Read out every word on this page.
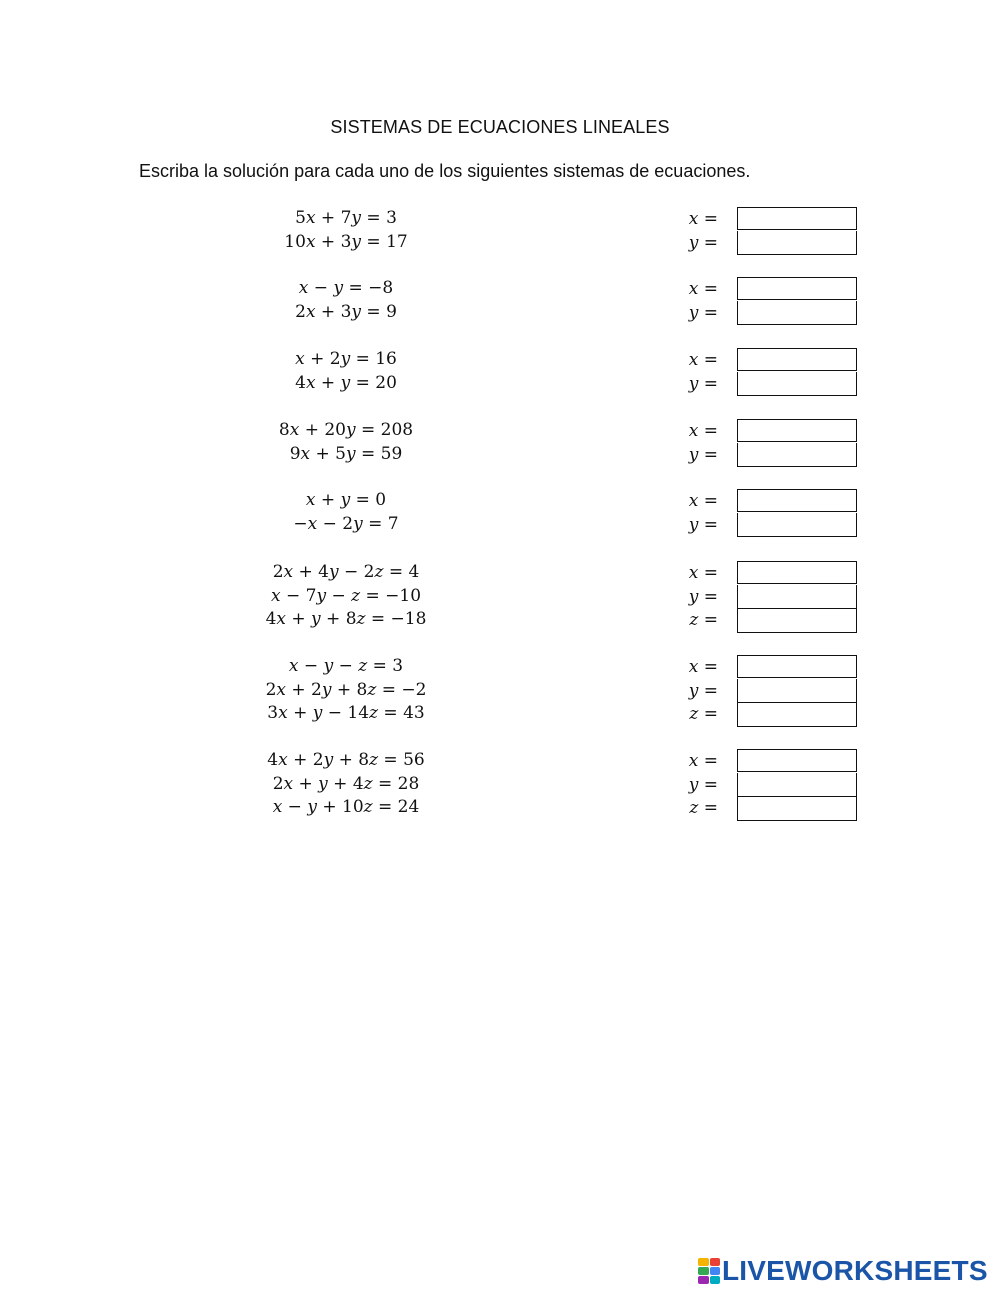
SISTEMAS DE ECUACIONES LINEALES
Escriba la solución para cada uno de los siguientes sistemas de ecuaciones.
5x + 7y = 3
10x + 3y = 17
x =
y =
x − y = −8
2x + 3y = 9
x =
y =
x + 2y = 16
4x + y = 20
x =
y =
8x + 20y = 208
9x + 5y = 59
x =
y =
x + y = 0
−x − 2y = 7
x =
y =
2x + 4y − 2z = 4
x − 7y − z = −10
4x + y + 8z = −18
x =
y =
z =
x − y − z = 3
2x + 2y + 8z = −2
3x + y − 14z = 43
x =
y =
z =
4x + 2y + 8z = 56
2x + y + 4z = 28
x − y + 10z = 24
x =
y =
z =
LIVEWORKSHEETS
